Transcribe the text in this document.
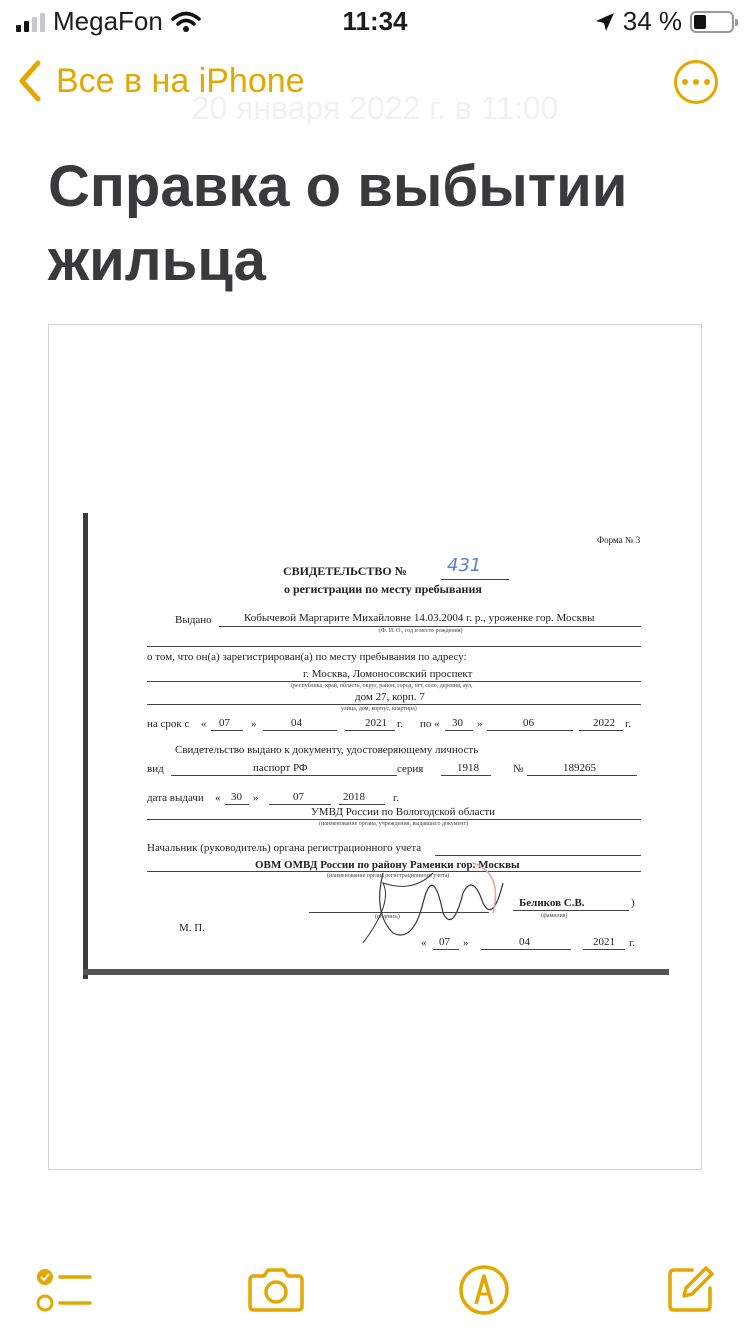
MegaFon	11:34	34 %
20 января 2022 г. в 11:00
Все в на iPhone
Справка о выбытии жильца
Форма № 3
СВИДЕТЕЛЬСТВО № 431
о регистрации по месту пребывания
Выдано	Кобычевой Маргарите Михайловне 14.03.2004 г. р., уроженке гор. Москвы
(Ф. И. О., год и место рождения)
о том, что он(а) зарегистрирован(а) по месту пребывания по адресу:
г. Москва, Ломоносовский проспект
(республика, край, область, округ, район, город, пгт, село, деревня, аул,
дом 27, корп. 7
улица, дом, корпус, квартира)
на срок с « 07 »	04	2021 г. по « 30 »	06	2022 г.
Свидетельство выдано к документу, удостоверяющему личность
вид	паспорт РФ	серия	1918	№	189265
дата выдачи « 30 »	07	2018	г.
УМВД России по Вологодской области
(наименование органа, учреждения, выдавшего документ)
Начальник (руководитель) органа регистрационного учета
ОВМ ОМВД России по району Раменки гор. Москвы
(наименование органа регистрационного учета)
(подпись)
Беликов С.В.	)
(фамилия)
М. П.
« 07 »	04	2021 г.
